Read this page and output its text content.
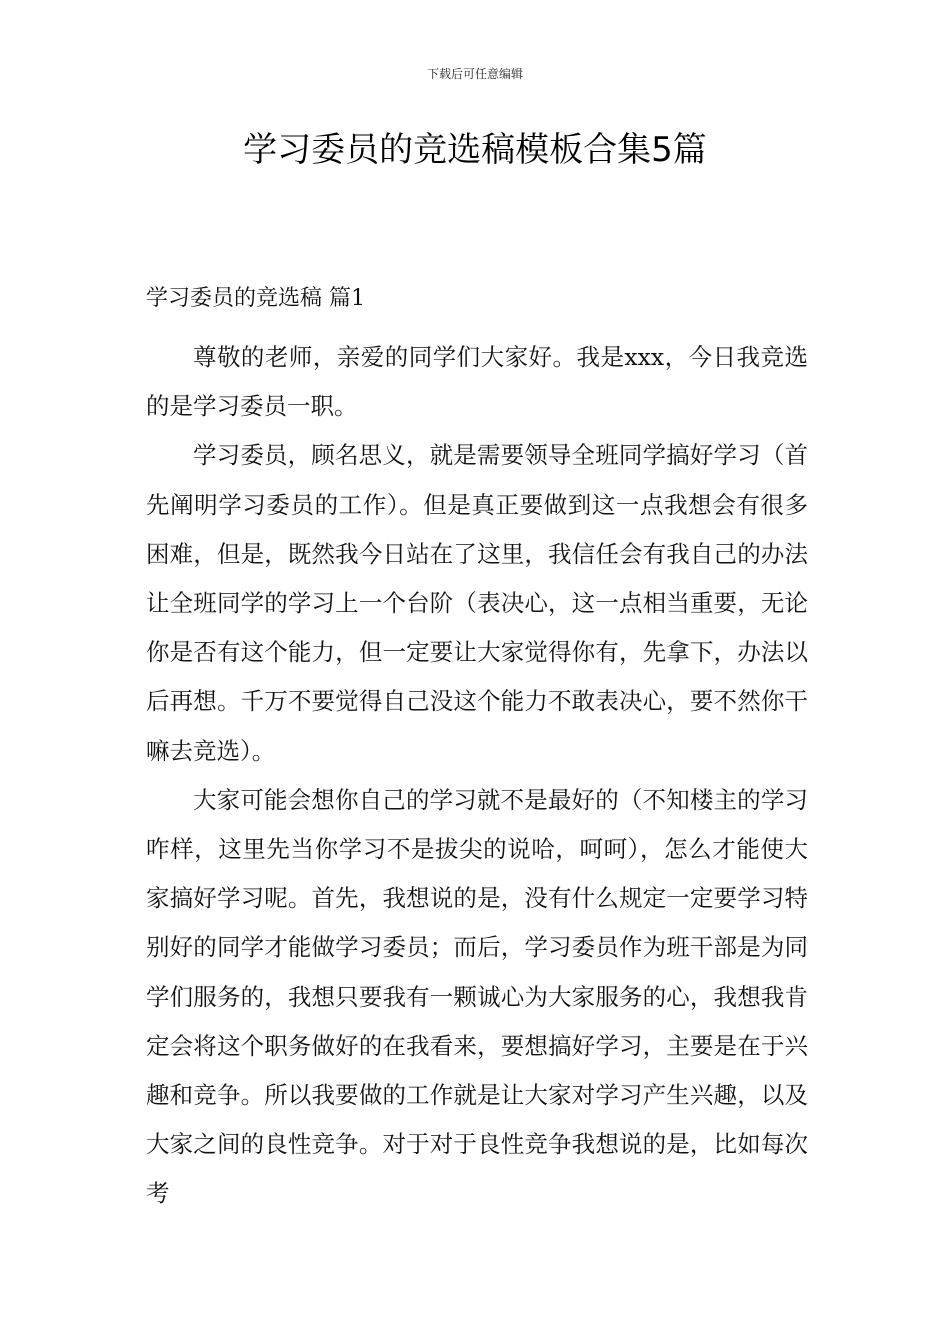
下载后可任意编辑
学习委员的竞选稿模板合集5篇
学习委员的竞选稿 篇1

尊敬的老师，亲爱的同学们大家好。我是xxx，今日我竞选的是学习委员一职。

学习委员，顾名思义，就是需要领导全班同学搞好学习（首先阐明学习委员的工作）。但是真正要做到这一点我想会有很多困难，但是，既然我今日站在了这里，我信任会有我自己的办法让全班同学的学习上一个台阶（表决心，这一点相当重要，无论你是否有这个能力，但一定要让大家觉得你有，先拿下，办法以后再想。千万不要觉得自己没这个能力不敢表决心，要不然你干嘛去竞选）。

大家可能会想你自己的学习就不是最好的（不知楼主的学习咋样，这里先当你学习不是拔尖的说哈，呵呵），怎么才能使大家搞好学习呢。首先，我想说的是，没有什么规定一定要学习特别好的同学才能做学习委员；而后，学习委员作为班干部是为同学们服务的，我想只要我有一颗诚心为大家服务的心，我想我肯定会将这个职务做好的在我看来，要想搞好学习，主要是在于兴趣和竞争。所以我要做的工作就是让大家对学习产生兴趣，以及大家之间的良性竞争。对于对于良性竞争我想说的是，比如每次考
